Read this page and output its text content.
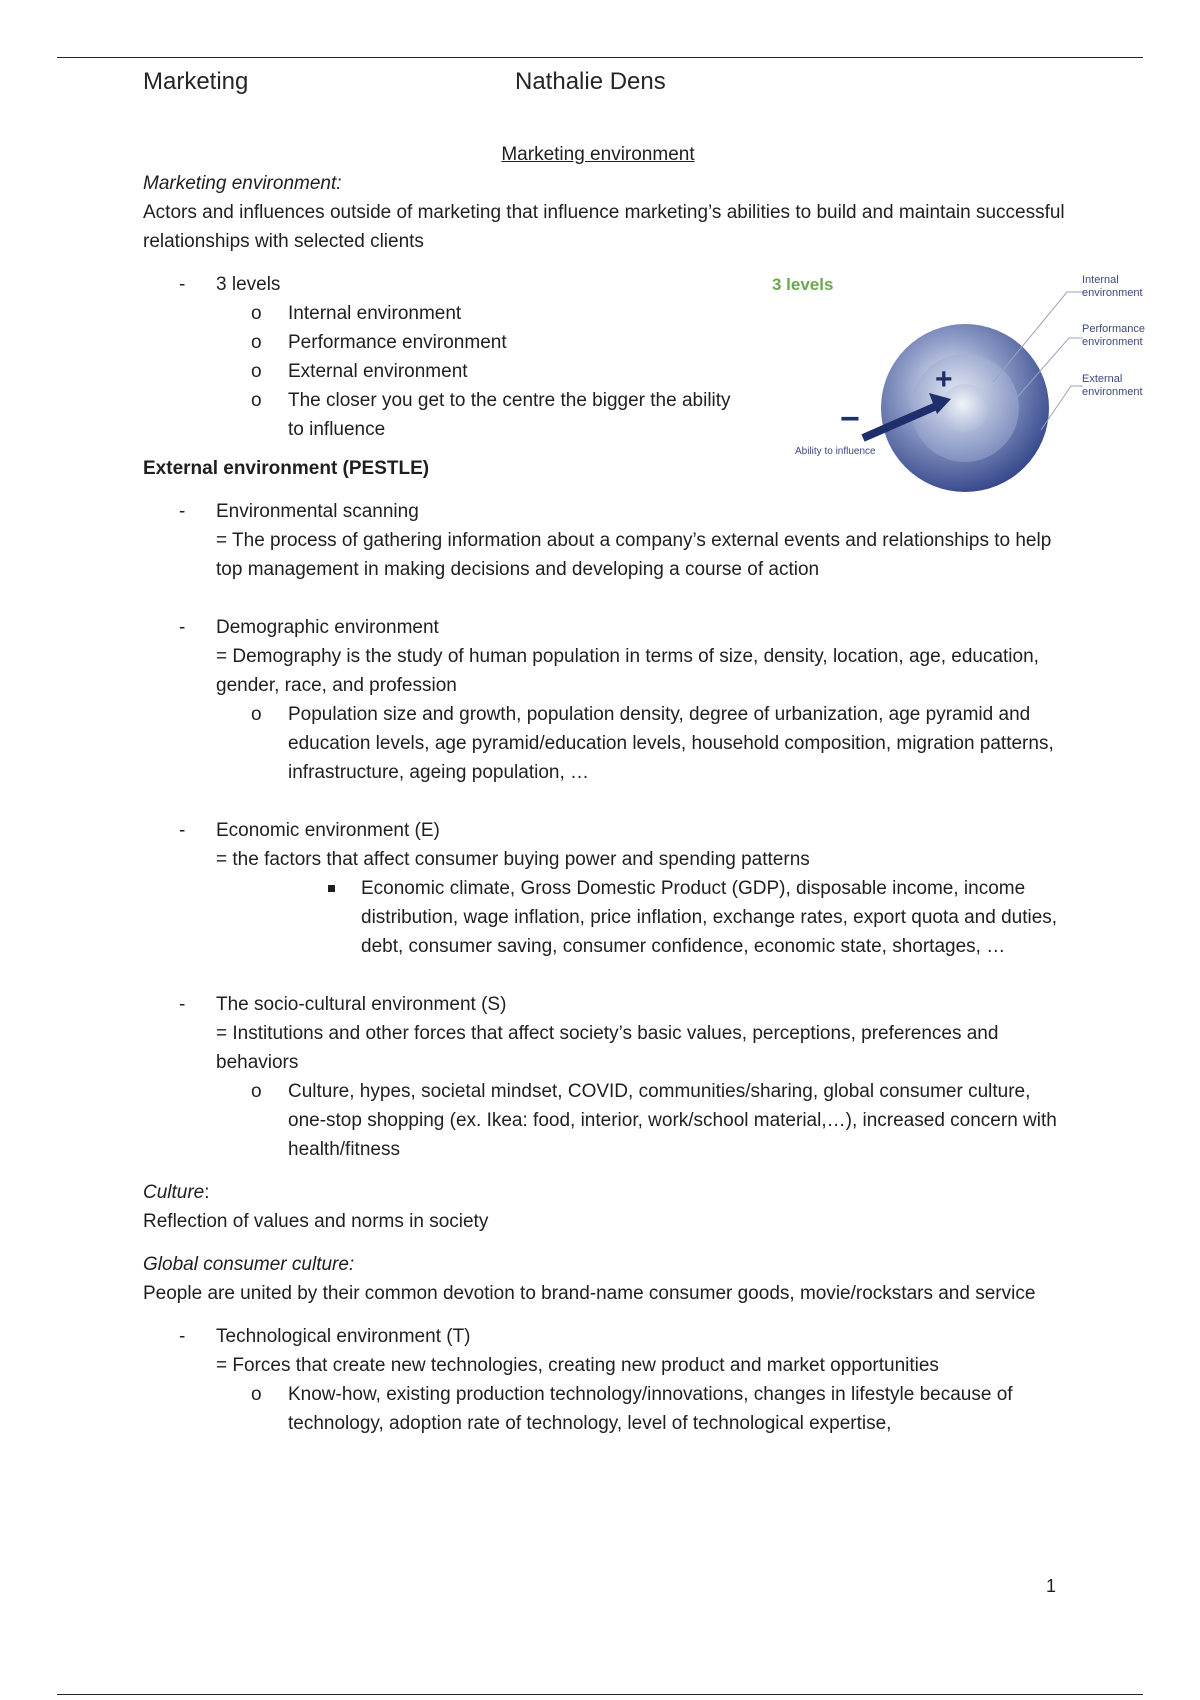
Marketing	Nathalie Dens

Marketing environment

Marketing environment:

Actors and influences outside of marketing that influence marketing’s abilities to build and maintain successful relationships with selected clients

- 3 levels
o Internal environment
o Performance environment
o External environment
o The closer you get to the centre the bigger the ability to influence

External environment (PESTLE)

- Environmental scanning
= The process of gathering information about a company’s external events and relationships to help top management in making decisions and developing a course of action
- Demographic environment
= Demography is the study of human population in terms of size, density, location, age, education, gender, race, and profession
o Population size and growth, population density, degree of urbanization, age pyramid and education levels, age pyramid/education levels, household composition, migration patterns, infrastructure, ageing population, …
- Economic environment (E)
= the factors that affect consumer buying power and spending patterns
Economic climate, Gross Domestic Product (GDP), disposable income, income distribution, wage inflation, price inflation, exchange rates, export quota and duties, debt, consumer saving, consumer confidence, economic state, shortages, …
- The socio-cultural environment (S)
= Institutions and other forces that affect society’s basic values, perceptions, preferences and behaviors
o Culture, hypes, societal mindset, COVID, communities/sharing, global consumer culture, one-stop shopping (ex. Ikea: food, interior, work/school material,…), increased concern with health/fitness

Culture:

Reflection of values and norms in society

Global consumer culture:

People are united by their common devotion to brand-name consumer goods, movie/rockstars and service

- Technological environment (T)
= Forces that create new technologies, creating new product and market opportunities
o Know-how, existing production technology/innovations, changes in lifestyle because of technology, adoption rate of technology, level of technological expertise,
3 levels
+
−
Ability to influence
Internal environment
Performance environment
External environment
1
